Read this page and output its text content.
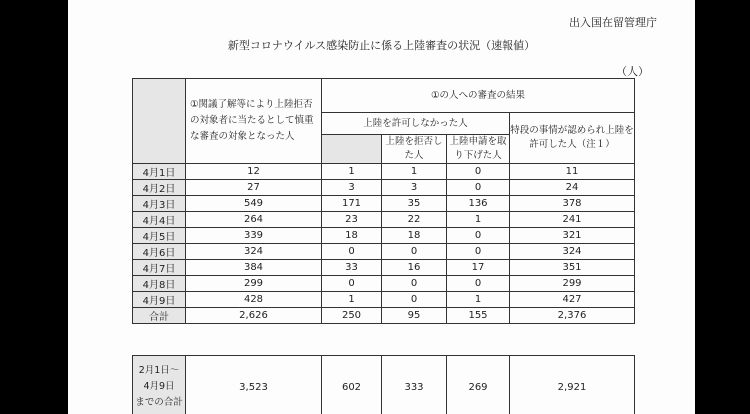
出入国在留管理庁
新型コロナウイルス感染防止に係る上陸審査の状況（速報値）
（人）
	①関議了解等により上陸拒否の対象者に当たるとして慎重な審査の対象となった人	①の人への審査の結果			
		上陸を許可しなかった人			特段の事情が認められ上陸を許可した人（注１）
			上陸を拒否した人	上陸申請を取り下げた人	
4月1日	12	1	1	0	11
4月2日	27	3	3	0	24
4月3日	549	171	35	136	378
4月4日	264	23	22	1	241
4月5日	339	18	18	0	321
4月6日	324	0	0	0	324
4月7日	384	33	16	17	351
4月8日	299	0	0	0	299
4月9日	428	1	0	1	427
合計	2,626	250	95	155	2,376
2月1日～
4月9日
までの合計
	3,523	602	333	269	2,921
